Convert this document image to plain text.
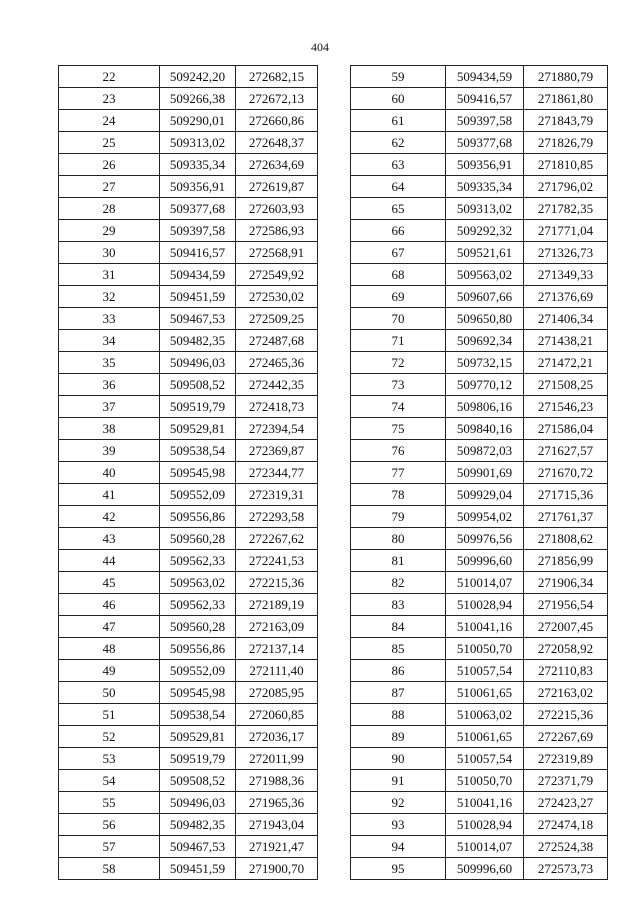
404
22	509242,20	272682,15
23	509266,38	272672,13
24	509290,01	272660,86
25	509313,02	272648,37
26	509335,34	272634,69
27	509356,91	272619,87
28	509377,68	272603,93
29	509397,58	272586,93
30	509416,57	272568,91
31	509434,59	272549,92
32	509451,59	272530,02
33	509467,53	272509,25
34	509482,35	272487,68
35	509496,03	272465,36
36	509508,52	272442,35
37	509519,79	272418,73
38	509529,81	272394,54
39	509538,54	272369,87
40	509545,98	272344,77
41	509552,09	272319,31
42	509556,86	272293,58
43	509560,28	272267,62
44	509562,33	272241,53
45	509563,02	272215,36
46	509562,33	272189,19
47	509560,28	272163,09
48	509556,86	272137,14
49	509552,09	272111,40
50	509545,98	272085,95
51	509538,54	272060,85
52	509529,81	272036,17
53	509519,79	272011,99
54	509508,52	271988,36
55	509496,03	271965,36
56	509482,35	271943,04
57	509467,53	271921,47
58	509451,59	271900,70
59	509434,59	271880,79
60	509416,57	271861,80
61	509397,58	271843,79
62	509377,68	271826,79
63	509356,91	271810,85
64	509335,34	271796,02
65	509313,02	271782,35
66	509292,32	271771,04
67	509521,61	271326,73
68	509563,02	271349,33
69	509607,66	271376,69
70	509650,80	271406,34
71	509692,34	271438,21
72	509732,15	271472,21
73	509770,12	271508,25
74	509806,16	271546,23
75	509840,16	271586,04
76	509872,03	271627,57
77	509901,69	271670,72
78	509929,04	271715,36
79	509954,02	271761,37
80	509976,56	271808,62
81	509996,60	271856,99
82	510014,07	271906,34
83	510028,94	271956,54
84	510041,16	272007,45
85	510050,70	272058,92
86	510057,54	272110,83
87	510061,65	272163,02
88	510063,02	272215,36
89	510061,65	272267,69
90	510057,54	272319,89
91	510050,70	272371,79
92	510041,16	272423,27
93	510028,94	272474,18
94	510014,07	272524,38
95	509996,60	272573,73
